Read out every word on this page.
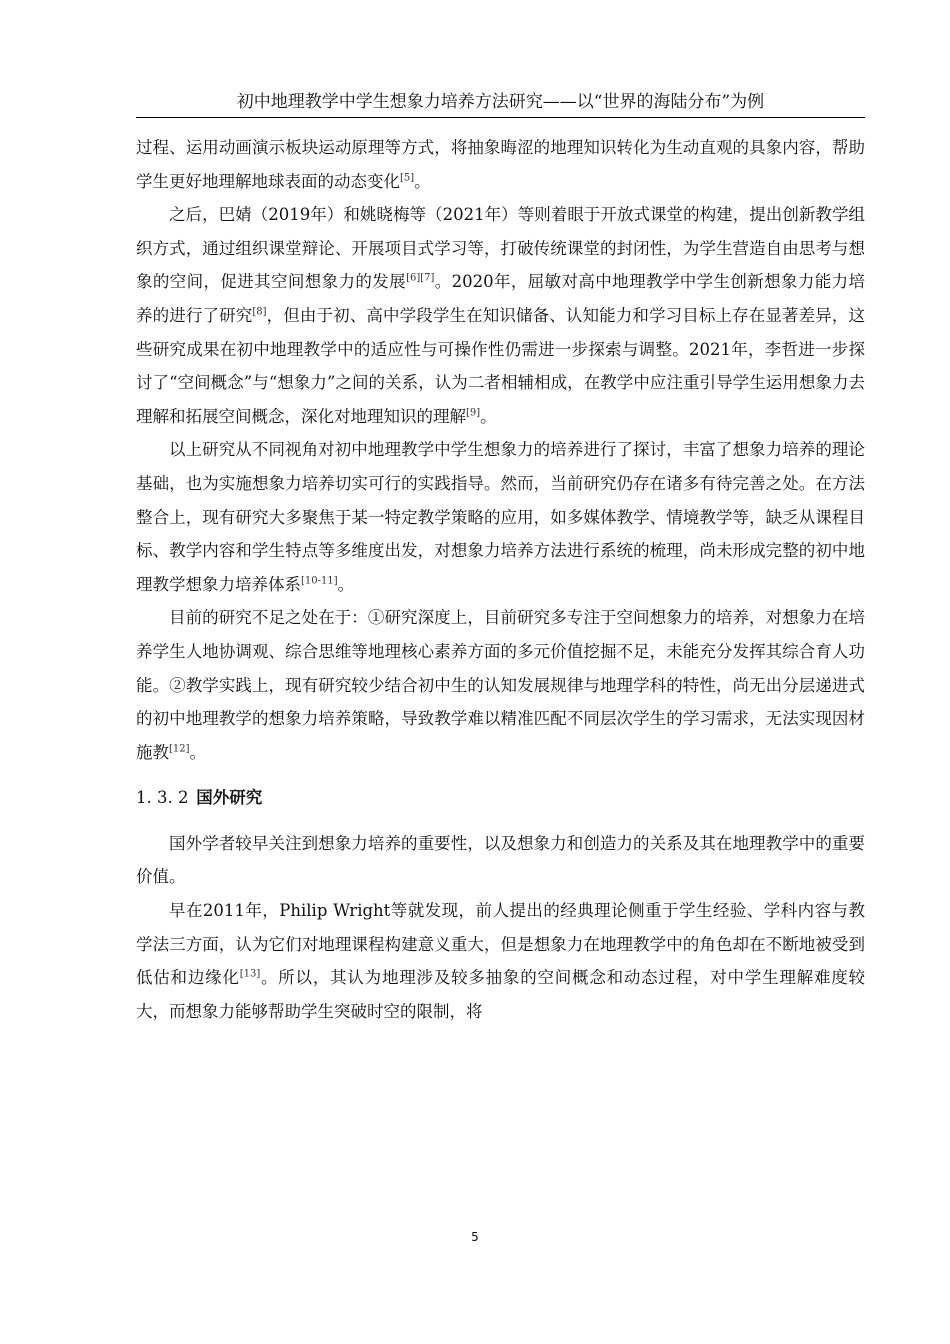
初中地理教学中学生想象力培养方法研究——以“世界的海陆分布”为例

过程、运用动画演示板块运动原理等方式，将抽象晦涩的地理知识转化为生动直观的具象内容，帮助学生更好地理解地球表面的动态变化[5]。

之后，巴婧（2019年）和姚晓梅等（2021年）等则着眼于开放式课堂的构建，提出创新教学组织方式，通过组织课堂辩论、开展项目式学习等，打破传统课堂的封闭性，为学生营造自由思考与想象的空间，促进其空间想象力的发展[6][7]。2020年，屈敏对高中地理教学中学生创新想象力能力培养的进行了研究[8]，但由于初、高中学段学生在知识储备、认知能力和学习目标上存在显著差异，这些研究成果在初中地理教学中的适应性与可操作性仍需进一步探索与调整。2021年，李哲进一步探讨了“空间概念”与“想象力”之间的关系，认为二者相辅相成，在教学中应注重引导学生运用想象力去理解和拓展空间概念，深化对地理知识的理解[9]。

以上研究从不同视角对初中地理教学中学生想象力的培养进行了探讨，丰富了想象力培养的理论基础，也为实施想象力培养切实可行的实践指导。然而，当前研究仍存在诸多有待完善之处。在方法整合上，现有研究大多聚焦于某一特定教学策略的应用，如多媒体教学、情境教学等，缺乏从课程目标、教学内容和学生特点等多维度出发，对想象力培养方法进行系统的梳理，尚未形成完整的初中地理教学想象力培养体系[10-11]。

目前的研究不足之处在于：①研究深度上，目前研究多专注于空间想象力的培养，对想象力在培养学生人地协调观、综合思维等地理核心素养方面的多元价值挖掘不足，未能充分发挥其综合育人功能。②教学实践上，现有研究较少结合初中生的认知发展规律与地理学科的特性，尚无出分层递进式的初中地理教学的想象力培养策略，导致教学难以精准匹配不同层次学生的学习需求，无法实现因材施教[12]。

1. 3. 2 国外研究

国外学者较早关注到想象力培养的重要性，以及想象力和创造力的关系及其在地理教学中的重要价值。

早在2011年，Philip Wright等就发现，前人提出的经典理论侧重于学生经验、学科内容与教学法三方面，认为它们对地理课程构建意义重大，但是想象力在地理教学中的角色却在不断地被受到低估和边缘化[13]。所以，其认为地理涉及较多抽象的空间概念和动态过程，对中学生理解难度较大，而想象力能够帮助学生突破时空的限制，将

5
